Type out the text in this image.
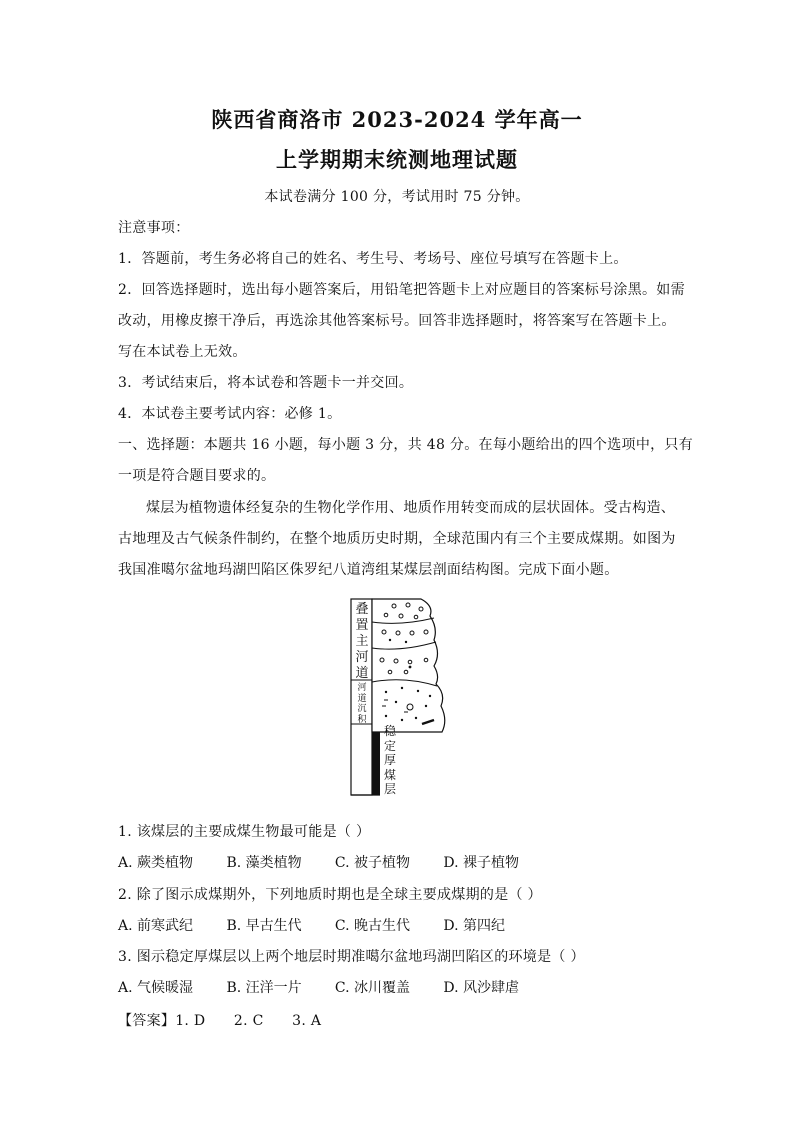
陕西省商洛市 2023-2024 学年高一
上学期期末统测地理试题
本试卷满分 100 分，考试用时 75 分钟。
注意事项：
1．答题前，考生务必将自己的姓名、考生号、考场号、座位号填写在答题卡上。
2．回答选择题时，选出每小题答案后，用铅笔把答题卡上对应题目的答案标号涂黑。如需
改动，用橡皮擦干净后，再选涂其他答案标号。回答非选择题时，将答案写在答题卡上。
写在本试卷上无效。
3．考试结束后，将本试卷和答题卡一并交回。
4．本试卷主要考试内容：必修 1。
一、选择题：本题共 16 小题，每小题 3 分，共 48 分。在每小题给出的四个选项中，只有
一项是符合题目要求的。
煤层为植物遗体经复杂的生物化学作用、地质作用转变而成的层状固体。受古构造、
古地理及古气候条件制约，在整个地质历史时期，全球范围内有三个主要成煤期。如图为
我国准噶尔盆地玛湖凹陷区侏罗纪八道湾组某煤层剖面结构图。完成下面小题。
叠
置
主
河
道
河
道
沉
积
稳
定
厚
煤
层
1. 该煤层的主要成煤生物最可能是（ ）
A. 蕨类植物 B. 藻类植物 C. 被子植物 D. 裸子植物
2. 除了图示成煤期外，下列地质时期也是全球主要成煤期的是（ ）
A. 前寒武纪 B. 早古生代 C. 晚古生代 D. 第四纪
3. 图示稳定厚煤层以上两个地层时期准噶尔盆地玛湖凹陷区的环境是（ ）
A. 气候暖湿 B. 汪洋一片 C. 冰川覆盖 D. 风沙肆虐
【答案】1. D      2. C      3. A
